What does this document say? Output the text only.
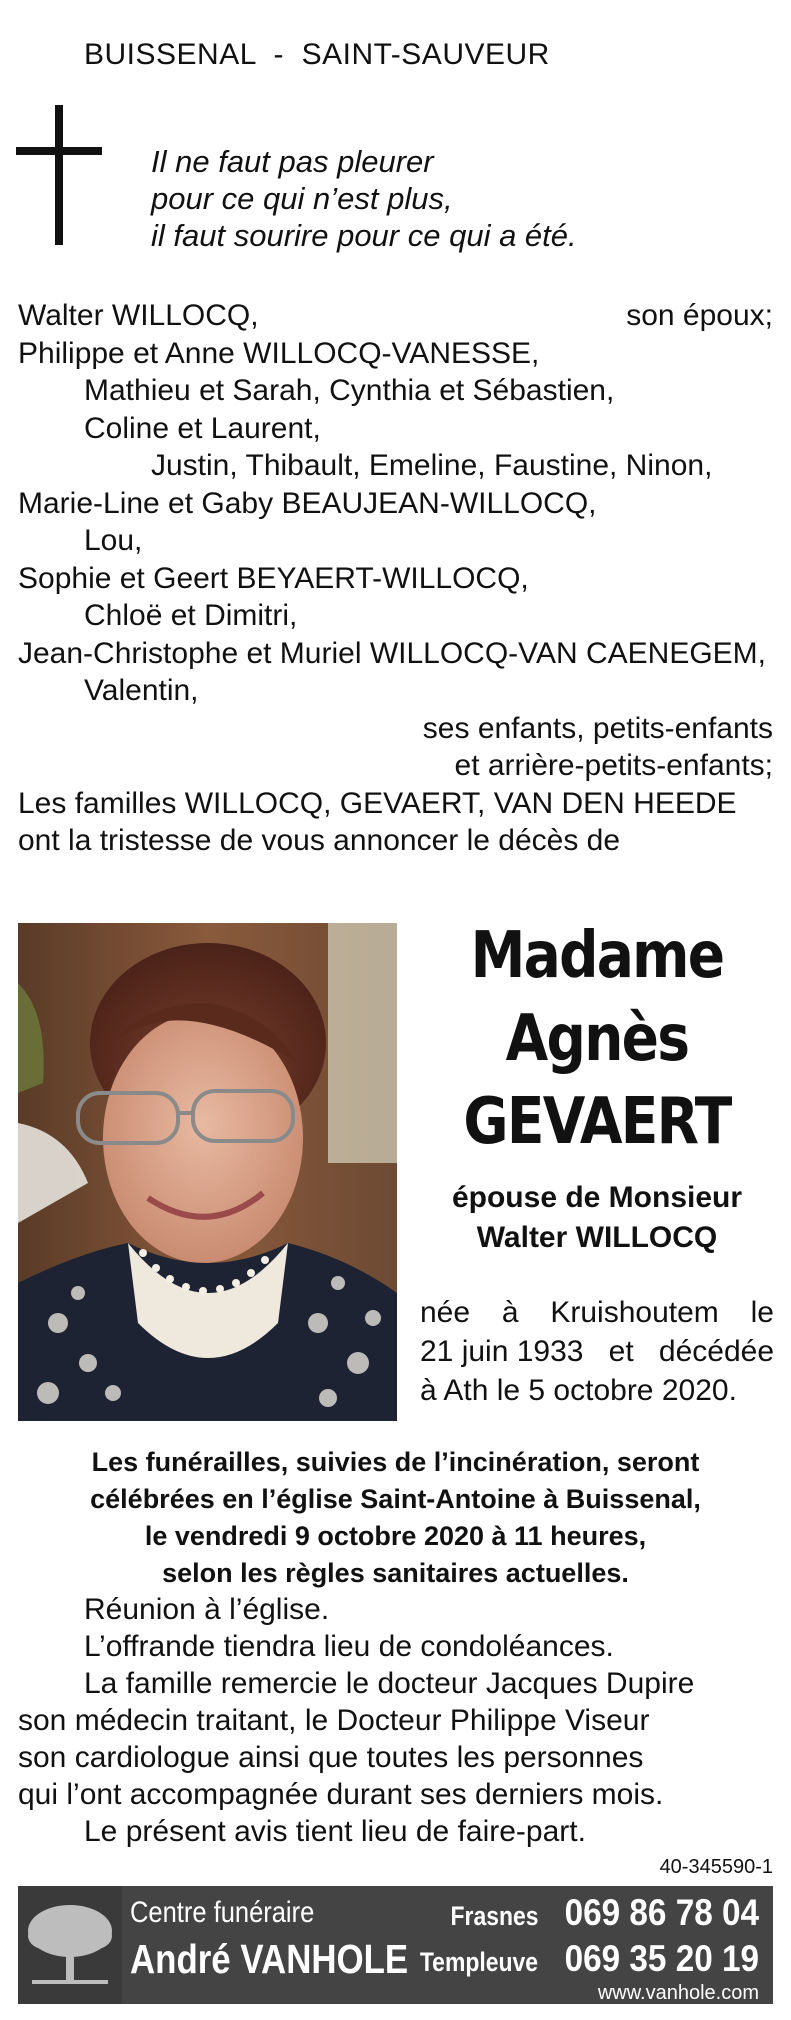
BUISSENAL  -  SAINT-SAUVEUR
Il ne faut pas pleurer
pour ce qui n’est plus,
il faut sourire pour ce qui a été.
Walter WILLOCQ,	son époux;
Philippe et Anne WILLOCQ-VANESSE,
Mathieu et Sarah, Cynthia et Sébastien,
Coline et Laurent,
Justin, Thibault, Emeline, Faustine, Ninon,
Marie-Line et Gaby BEAUJEAN-WILLOCQ,
Lou,
Sophie et Geert BEYAERT-WILLOCQ,
Chloë et Dimitri,
Jean-Christophe et Muriel WILLOCQ-VAN CAENEGEM,
Valentin,
ses enfants, petits-enfants
et arrière-petits-enfants;
Les familles WILLOCQ, GEVAERT, VAN DEN HEEDE
ont la tristesse de vous annoncer le décès de
Madame
Agnès
GEVAERT
épouse de Monsieur
Walter WILLOCQ
née à Kruishoutem le
21 juin 1933 et décédée
à Ath le 5 octobre 2020.
Les funérailles, suivies de l’incinération, seront
célébrées en l’église Saint-Antoine à Buissenal,
le vendredi 9 octobre 2020 à 11 heures,
selon les règles sanitaires actuelles.
Réunion à l’église.
L’offrande tiendra lieu de condoléances.
La famille remercie le docteur Jacques Dupire
son médecin traitant, le Docteur Philippe Viseur
son cardiologue ainsi que toutes les personnes
qui l’ont accompagnée durant ses derniers mois.
Le présent avis tient lieu de faire-part.
40-345590-1
Centre funéraire
André VANHOLE
Frasnes 069 86 78 04
Templeuve 069 35 20 19
www.vanhole.com
